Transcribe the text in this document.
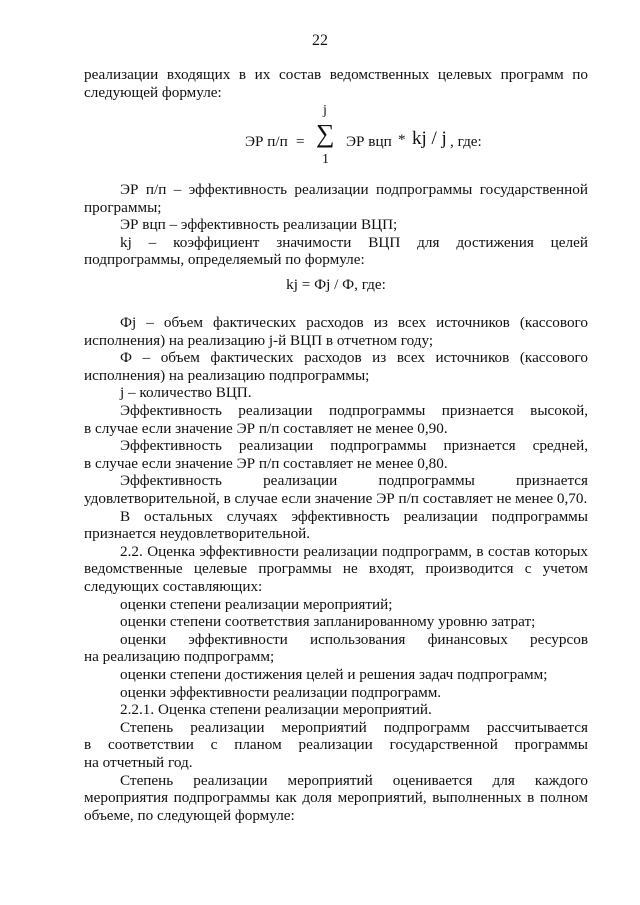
22
реализации входящих в их состав ведомственных целевых программ по
следующей формуле:
ЭР п/п =
j
∑
1
ЭР вцп * kj / j , где:
ЭР п/п – эффективность реализации подпрограммы государственной
программы;
ЭР вцп – эффективность реализации ВЦП;
kj – коэффициент значимости ВЦП для достижения целей
подпрограммы, определяемый по формуле:
kj = Фj / Ф, где:
Фj – объем фактических расходов из всех источников (кассового
исполнения) на реализацию j-й ВЦП в отчетном году;
Ф – объем фактических расходов из всех источников (кассового
исполнения) на реализацию подпрограммы;
j – количество ВЦП.
Эффективность реализации подпрограммы признается высокой,
в случае если значение ЭР п/п составляет не менее 0,90.
Эффективность реализации подпрограммы признается средней,
в случае если значение ЭР п/п составляет не менее 0,80.
Эффективность реализации подпрограммы признается
удовлетворительной, в случае если значение ЭР п/п составляет не менее 0,70.
В остальных случаях эффективность реализации подпрограммы
признается неудовлетворительной.
2.2. Оценка эффективности реализации подпрограмм, в состав которых
ведомственные целевые программы не входят, производится с учетом
следующих составляющих:
оценки степени реализации мероприятий;
оценки степени соответствия запланированному уровню затрат;
оценки эффективности использования финансовых ресурсов
на реализацию подпрограмм;
оценки степени достижения целей и решения задач подпрограмм;
оценки эффективности реализации подпрограмм.
2.2.1. Оценка степени реализации мероприятий.
Степень реализации мероприятий подпрограмм рассчитывается
в соответствии с планом реализации государственной программы
на отчетный год.
Степень реализации мероприятий оценивается для каждого
мероприятия подпрограммы как доля мероприятий, выполненных в полном
объеме, по следующей формуле:
